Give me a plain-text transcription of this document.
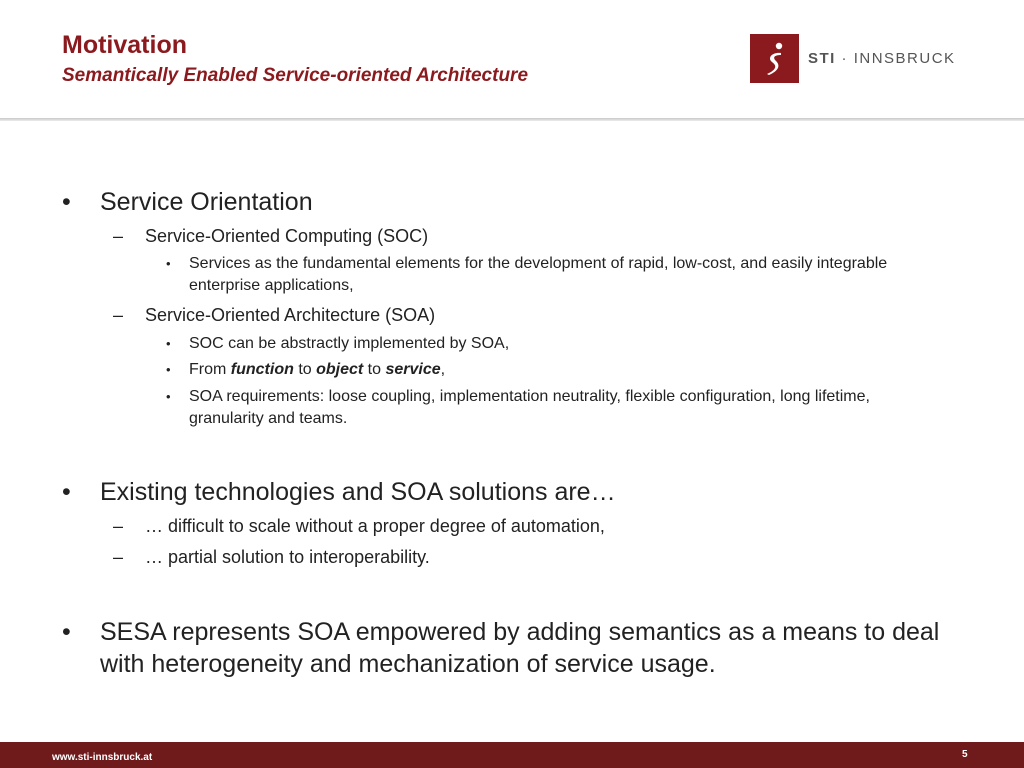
Motivation
Semantically Enabled Service-oriented Architecture
STI · INNSBRUCK
• Service Orientation
– Service-Oriented Computing (SOC)
• Services as the fundamental elements for the development of rapid, low-cost, and easily integrable enterprise applications,
– Service-Oriented Architecture (SOA)
• SOC can be abstractly implemented by SOA,
• From function to object to service,
• SOA requirements: loose coupling, implementation neutrality, flexible configuration, long lifetime, granularity and teams.
• Existing technologies and SOA solutions are…
– … difficult to scale without a proper degree of automation,
– … partial solution to interoperability.
• SESA represents SOA empowered by adding semantics as a means to deal with heterogeneity and mechanization of service usage.
www.sti-innsbruck.at	5
